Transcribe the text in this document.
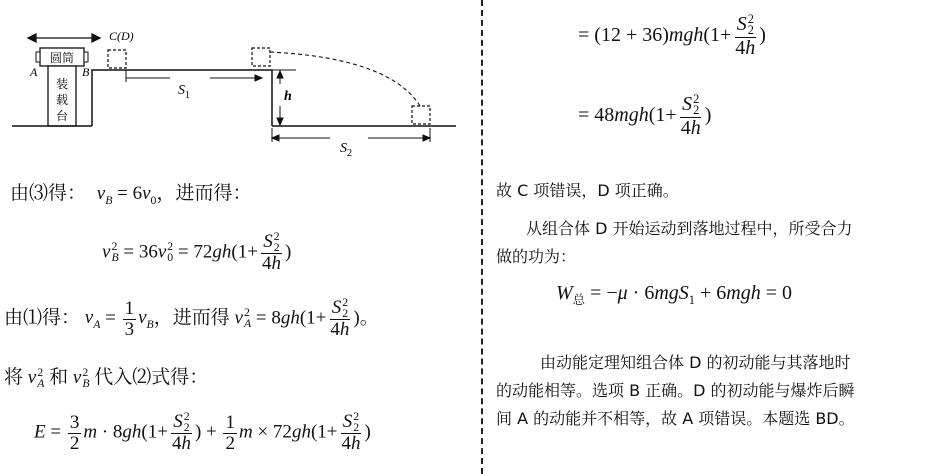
圆筒
A	B
装
载
台
C(D)
$S_1$	h
$S_2$
由⑶得： $v_B = 6v_0$，进而得：
v 2
B = 36v 2
0 = 72gh(1+ S 2
2
4h )
由⑴得： $v_A = \frac{1}{3} v_B$，进而得 v 2
A = 8gh(1+ S 2
2
4h )。
将 v 2
A 和 v 2
B 代入⑵式得：
$E = \frac{3}{2}$ m · 8gh(1+ S 2
2
4h ) + $\frac{1}{2}$ m × 72gh(1+ S 2
2
4h )
= (12 + 36)mgh(1+ S 2
2
4h )
= 48mgh(1+ S 2
2
4h )
故 C 项错误，D 项正确。
从组合体 D 开始运动到落地过程中，所受合力
做的功为：
$W_总 = -\mu \cdot 6mgS_1 + 6mgh = 0$
由动能定理知组合体 D 的初动能与其落地时
的动能相等。选项 B 正确。D 的初动能与爆炸后瞬
间 A 的动能并不相等，故 A 项错误。本题选 BD。
